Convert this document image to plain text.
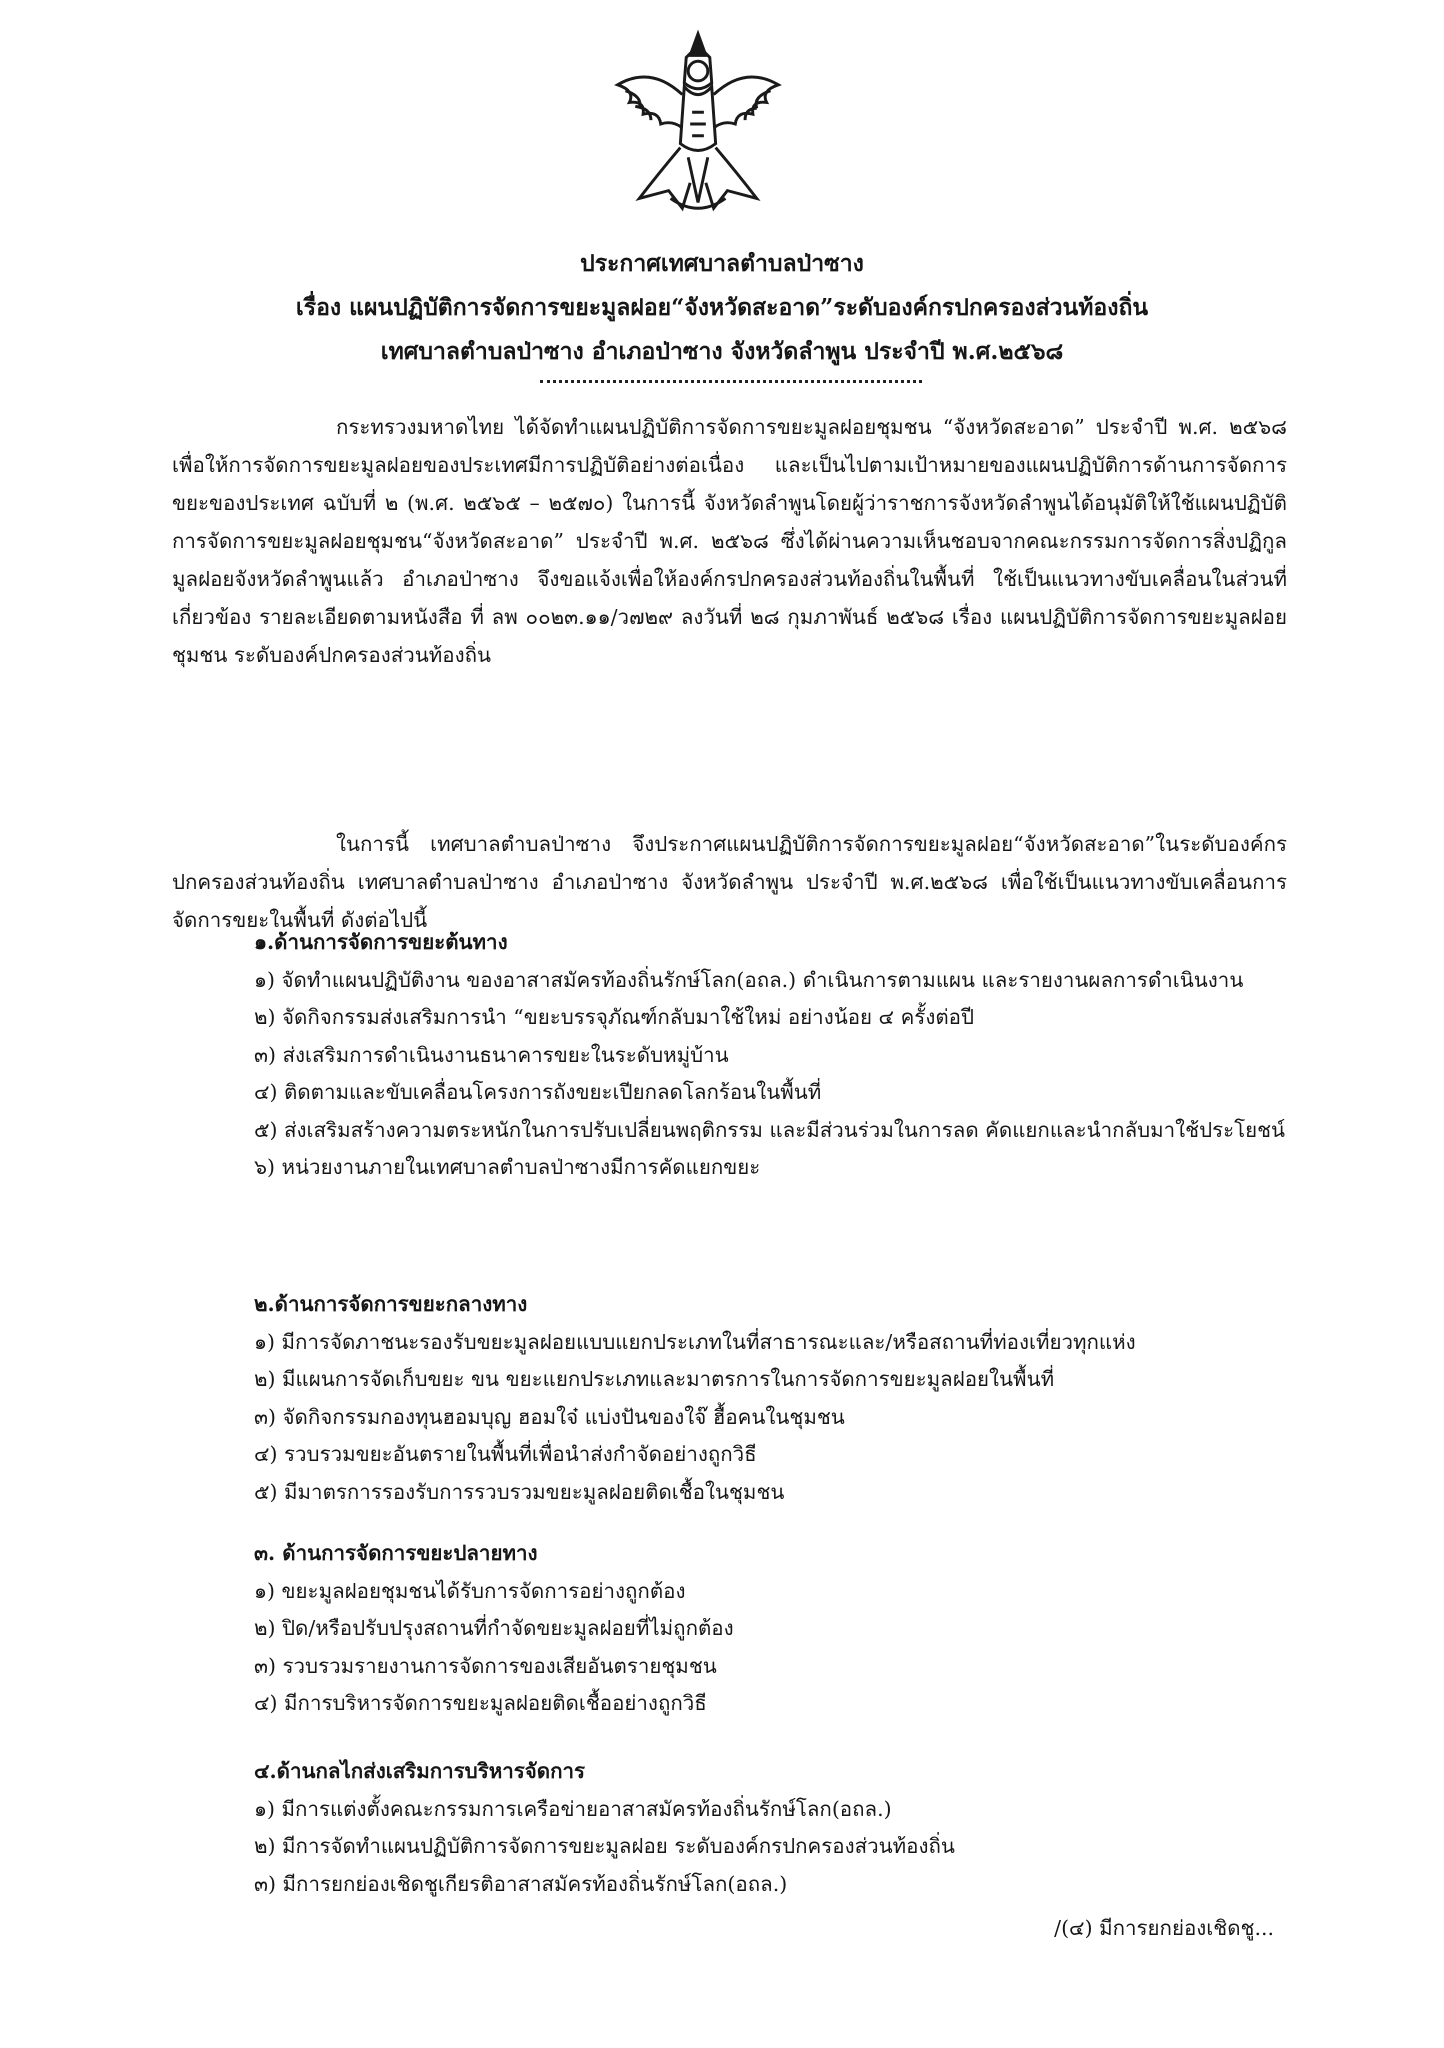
ประกาศเทศบาลตำบลป่าซาง
เรื่อง แผนปฏิบัติการจัดการขยะมูลฝอย“จังหวัดสะอาด”ระดับองค์กรปกครองส่วนท้องถิ่น
เทศบาลตำบลป่าซาง อำเภอป่าซาง จังหวัดลำพูน ประจำปี พ.ศ.๒๕๖๘
กระทรวงมหาดไทย ได้จัดทำแผนปฏิบัติการจัดการขยะมูลฝอยชุมชน “จังหวัดสะอาด” ประจำปี พ.ศ. ๒๕๖๘ เพื่อให้การจัดการขยะมูลฝอยของประเทศมีการปฏิบัติอย่างต่อเนื่อง และเป็นไปตามเป้าหมายของแผนปฏิบัติการด้านการจัดการขยะของประเทศ ฉบับที่ ๒ (พ.ศ. ๒๕๖๕ – ๒๕๗๐) ในการนี้ จังหวัดลำพูนโดยผู้ว่าราชการจังหวัดลำพูนได้อนุมัติให้ใช้แผนปฏิบัติการจัดการขยะมูลฝอยชุมชน“จังหวัดสะอาด” ประจำปี พ.ศ. ๒๕๖๘ ซึ่งได้ผ่านความเห็นชอบจากคณะกรรมการจัดการสิ่งปฏิกูลมูลฝอยจังหวัดลำพูนแล้ว อำเภอป่าซาง จึงขอแจ้งเพื่อให้องค์กรปกครองส่วนท้องถิ่นในพื้นที่ ใช้เป็นแนวทางขับเคลื่อนในส่วนที่เกี่ยวข้อง รายละเอียดตามหนังสือ ที่ ลพ ๐๐๒๓.๑๑/ว๗๒๙ ลงวันที่ ๒๘ กุมภาพันธ์ ๒๕๖๘ เรื่อง แผนปฏิบัติการจัดการขยะมูลฝอยชุมชน ระดับองค์ปกครองส่วนท้องถิ่น
ในการนี้ เทศบาลตำบลป่าซาง จึงประกาศแผนปฏิบัติการจัดการขยะมูลฝอย“จังหวัดสะอาด”ในระดับองค์กรปกครองส่วนท้องถิ่น เทศบาลตำบลป่าซาง อำเภอป่าซาง จังหวัดลำพูน ประจำปี พ.ศ.๒๕๖๘ เพื่อใช้เป็นแนวทางขับเคลื่อนการจัดการขยะในพื้นที่ ดังต่อไปนี้
๑.ด้านการจัดการขยะต้นทาง
๑) จัดทำแผนปฏิบัติงาน ของอาสาสมัครท้องถิ่นรักษ์โลก(อถล.) ดำเนินการตามแผน และรายงานผลการดำเนินงาน
๒) จัดกิจกรรมส่งเสริมการนำ “ขยะบรรจุภัณฑ์กลับมาใช้ใหม่ อย่างน้อย ๔ ครั้งต่อปี
๓) ส่งเสริมการดำเนินงานธนาคารขยะในระดับหมู่บ้าน
๔) ติดตามและขับเคลื่อนโครงการถังขยะเปียกลดโลกร้อนในพื้นที่
๕) ส่งเสริมสร้างความตระหนักในการปรับเปลี่ยนพฤติกรรม และมีส่วนร่วมในการลด คัดแยกและนำกลับมาใช้ประโยชน์
๖) หน่วยงานภายในเทศบาลตำบลป่าซางมีการคัดแยกขยะ
๒.ด้านการจัดการขยะกลางทาง
๑) มีการจัดภาชนะรองรับขยะมูลฝอยแบบแยกประเภทในที่สาธารณะและ/หรือสถานที่ท่องเที่ยวทุกแห่ง
๒) มีแผนการจัดเก็บขยะ ขน ขยะแยกประเภทและมาตรการในการจัดการขยะมูลฝอยในพื้นที่
๓) จัดกิจกรรมกองทุนฮอมบุญ ฮอมใจ๋ แบ่งปันของใจ๊ ฮื้อคนในชุมชน
๔) รวบรวมขยะอันตรายในพื้นที่เพื่อนำส่งกำจัดอย่างถูกวิธี
๕) มีมาตรการรองรับการรวบรวมขยะมูลฝอยติดเชื้อในชุมชน
๓. ด้านการจัดการขยะปลายทาง
๑) ขยะมูลฝอยชุมชนได้รับการจัดการอย่างถูกต้อง
๒) ปิด/หรือปรับปรุงสถานที่กำจัดขยะมูลฝอยที่ไม่ถูกต้อง
๓) รวบรวมรายงานการจัดการของเสียอันตรายชุมชน
๔) มีการบริหารจัดการขยะมูลฝอยติดเชื้ออย่างถูกวิธี
๔.ด้านกลไกส่งเสริมการบริหารจัดการ
๑) มีการแต่งตั้งคณะกรรมการเครือข่ายอาสาสมัครท้องถิ่นรักษ์โลก(อถล.)
๒) มีการจัดทำแผนปฏิบัติการจัดการขยะมูลฝอย ระดับองค์กรปกครองส่วนท้องถิ่น
๓) มีการยกย่องเชิดชูเกียรติอาสาสมัครท้องถิ่นรักษ์โลก(อถล.)
/(๔) มีการยกย่องเชิดชู...
